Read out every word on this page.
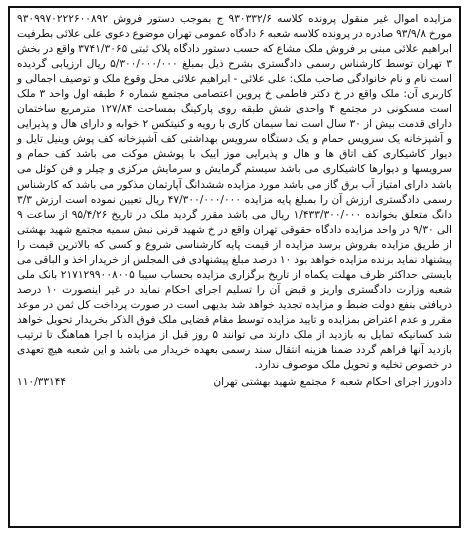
مزایده اموال غیر منقول پرونده کلاسه ۹۳۰۳۳۲/۶ ج بموجب دستور فروش ۹۳۰۹۹۷۰۲۲۲۶۰۰۸۹۲ مورخ ۹۳/۹/۸ صادره در پرونده کلاسه شعبه ۶ دادگاه عمومی تهران موضوع دعوی علی علائی بطرفیت ابراهیم علائی مبنی بر فروش ملک مشاع که حسب دستور دادگاه پلاک ثبتی ۳۷۴۱/۳۰۶۵ واقع در بخش ۳ تهران توسط کارشناس رسمی دادگستری بشرح ذیل بمبلغ ۵/۳۰۰/۰۰۰/۰۰۰ ریال ارزیابی گردیده است نام و نام خانوادگی صاحب ملک: علی علائی - ابراهیم علائی محل وقوع ملک و توصیف اجمالی و کاربری آن: ملک واقع در خ دکتر فاطمی خ پروین اعتصامی مجتمع شماره ۶ طبقه اول واحد ۳ ملک است مسکونی در مجتمع ۴ واحدی شش طبقه روی پارکینگ بمساحت ۱۲۷/۸۴ مترمربع ساختمان دارای قدمت بیش از ۳۰ سال است نما سیمان کاری با رویه و کنیتکس ۲ خوابه و دارای هال و پذیرایی و آشپزخانه یک سرویس حمام و یک دستگاه سرویس بهداشتی کف آشپزخانه کف پوش وینیل تایل و دیوار کاشیکاری کف اتاق ها و هال و پذیرایی موز اییک با پوشش موکت می باشد کف حمام و سرویسها و دیوارها کاشیکاری می باشد سیستم گرمایش و سرمایش مرکزی و چیلر و فن کوئل می باشد دارای امتیاز آب برق گاز می باشد مورد مزایده ششدانگ آپارتمان مذکور می باشد که کارشناس رسمی دادگستری ارزش آن را بمبلغ پایه مزایده ۴۷/۳۰۰/۰۰۰/۰۰۰ ریال تعیین نموده است ارزش ۳/۳ دانگ متعلق بخوانده ۱/۴۳۳/۳۰۰/۰۰۰ ریال می باشد مقرر گردید ملک در تاریخ ۹۵/۴/۲۶ از ساعت ۹ الی ۹/۳۰ در واحد مزایده دادگاه حقوقی تهران واقع در خ شهید قرنی نبش سمیه مجتمع شهید بهشتی از طریق مزایده بفروش برسد مزایده از قیمت پایه کارشناسی شروع و کسی که بالاترین قیمت را پیشنهاد نماید برنده مزایده خواهد بود ۱۰ درصد مبلغ پیشنهادی فی المجلس از خریدار اخذ و الباقی می بایستی حداکثر ظرف مهلت یکماه از تاریخ برگزاری مزایده بحساب سیبا ۲۱۷۱۲۹۹۰۰۸۰۰۵ بانک ملی شعبه وزارت دادگستری واریز و قبض آن را تسلیم اجرای احکام نماید در غیر اینصورت ۱۰ درصد دریافتی بنفع دولت ضبط و مزایده تجدید خواهد شد بدیهی است در صورت پرداخت کل ثمن در موعد مقرر و عدم اعتراض بمزایده و تایید مزایده توسط مقام قضایی ملک فوق الذکر بخریدار تحویل خواهد شد کسانیکه تمایل به بازدید از ملک دارند می توانند ۵ روز قبل از مزایده با اجرا هماهنگ تا ترتیب بازدید آنها فراهم گردد ضمنا هزینه انتقال سند رسمی بعهده خریدار می باشد و این شعبه هیچ تعهدی در خصوص تخلیه و تحویل ملک موصوف ندارد.

دادورز اجرای احکام شعبه ۶ مجتمع شهید بهشتی تهران
۱۱۰/۳۳۱۴۴
